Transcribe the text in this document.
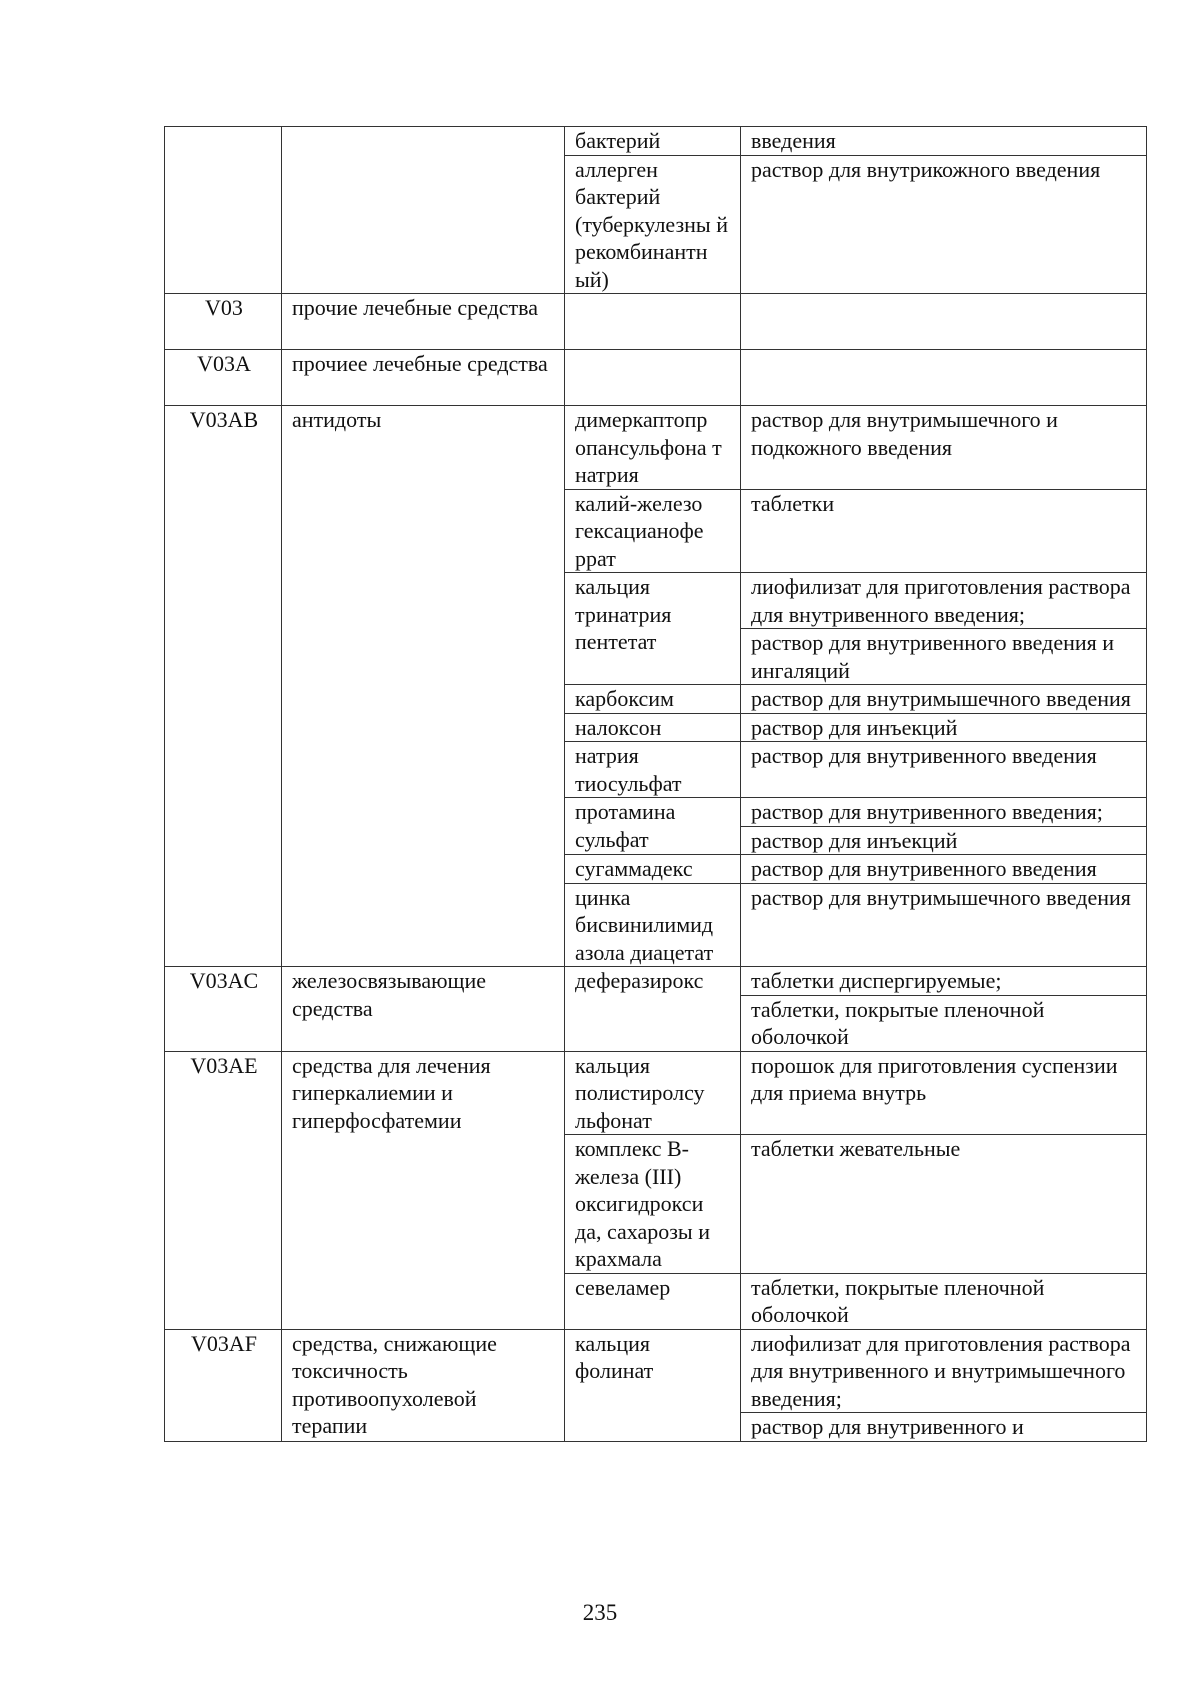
		бактерий	введения
		аллерген бактерий (туберкулезны й рекомбинантн ый)	раствор для внутрикожного введения
V03	прочие лечебные средства		
V03A	прочиее лечебные средства		
V03AB	антидоты	димеркаптопр опансульфона т натрия	раствор для внутримышечного и подкожного введения
		калий-железо гексацианофе ррат	таблетки
		кальция тринатрия пентетат	лиофилизат для приготовления раствора для внутривенного введения;
			раствор для внутривенного введения и ингаляций
		карбоксим	раствор для внутримышечного введения
		налоксон	раствор для инъекций
		натрия тиосульфат	раствор для внутривенного введения
		протамина сульфат	раствор для внутривенного введения;
			раствор для инъекций
		сугаммадекс	раствор для внутривенного введения
		цинка бисвинилимид азола диацетат	раствор для внутримышечного введения
V03AC	железосвязывающие средства	деферазирокс	таблетки диспергируемые;
			таблетки, покрытые пленочной оболочкой
V03AE	средства для лечения гиперкалиемии и гиперфосфатемии	кальция полистиролсу льфонат	порошок для приготовления суспензии для приема внутрь
		комплекс В-железа (III) оксигидрокси да, сахарозы и крахмала	таблетки жевательные
		севеламер	таблетки, покрытые пленочной оболочкой
V03AF	средства, снижающие токсичность противоопухолевой терапии	кальция фолинат	лиофилизат для приготовления раствора для внутривенного и внутримышечного введения;
			раствор для внутривенного и
235
